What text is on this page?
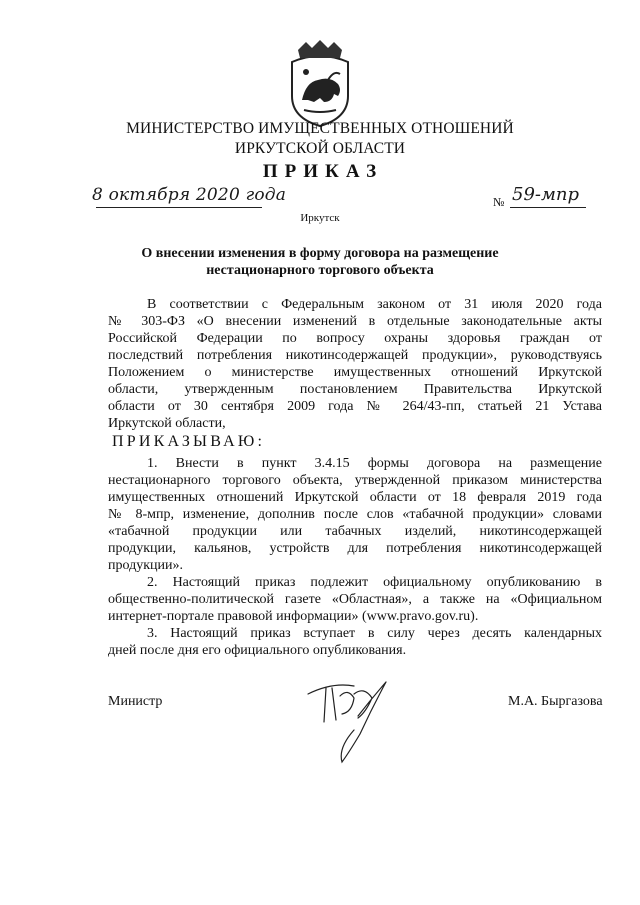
МИНИСТЕРСТВО ИМУЩЕСТВЕННЫХ ОТНОШЕНИЙ
ИРКУТСКОЙ ОБЛАСТИ
ПРИКАЗ
8 октября 2020 года	№ 59-мпр
Иркутск
О внесении изменения в форму договора на размещение
нестационарного торгового объекта
В соответствии с Федеральным законом от 31 июля 2020 года
№ 303-ФЗ «О внесении изменений в отдельные законодательные акты
Российской Федерации по вопросу охраны здоровья граждан от
последствий потребления никотинсодержащей продукции», руководствуясь
Положением о министерстве имущественных отношений Иркутской
области, утвержденным постановлением Правительства Иркутской
области от 30 сентября 2009 года № 264/43-пп, статьей 21 Устава
Иркутской области,
1. Внести в пункт 3.4.15 формы договора на размещение
нестационарного торгового объекта, утвержденной приказом министерства
имущественных отношений Иркутской области от 18 февраля 2019 года
№ 8-мпр, изменение, дополнив после слов «табачной продукции» словами
«табачной продукции или табачных изделий, никотинсодержащей
продукции, кальянов, устройств для потребления никотинсодержащей
продукции».
2. Настоящий приказ подлежит официальному опубликованию в
общественно-политической газете «Областная», а также на «Официальном
интернет-портале правовой информации» (www.pravo.gov.ru).
3. Настоящий приказ вступает в силу через десять календарных
дней после дня его официального опубликования.
ПРИКАЗЫВАЮ:
Министр	М.А. Быргазова
